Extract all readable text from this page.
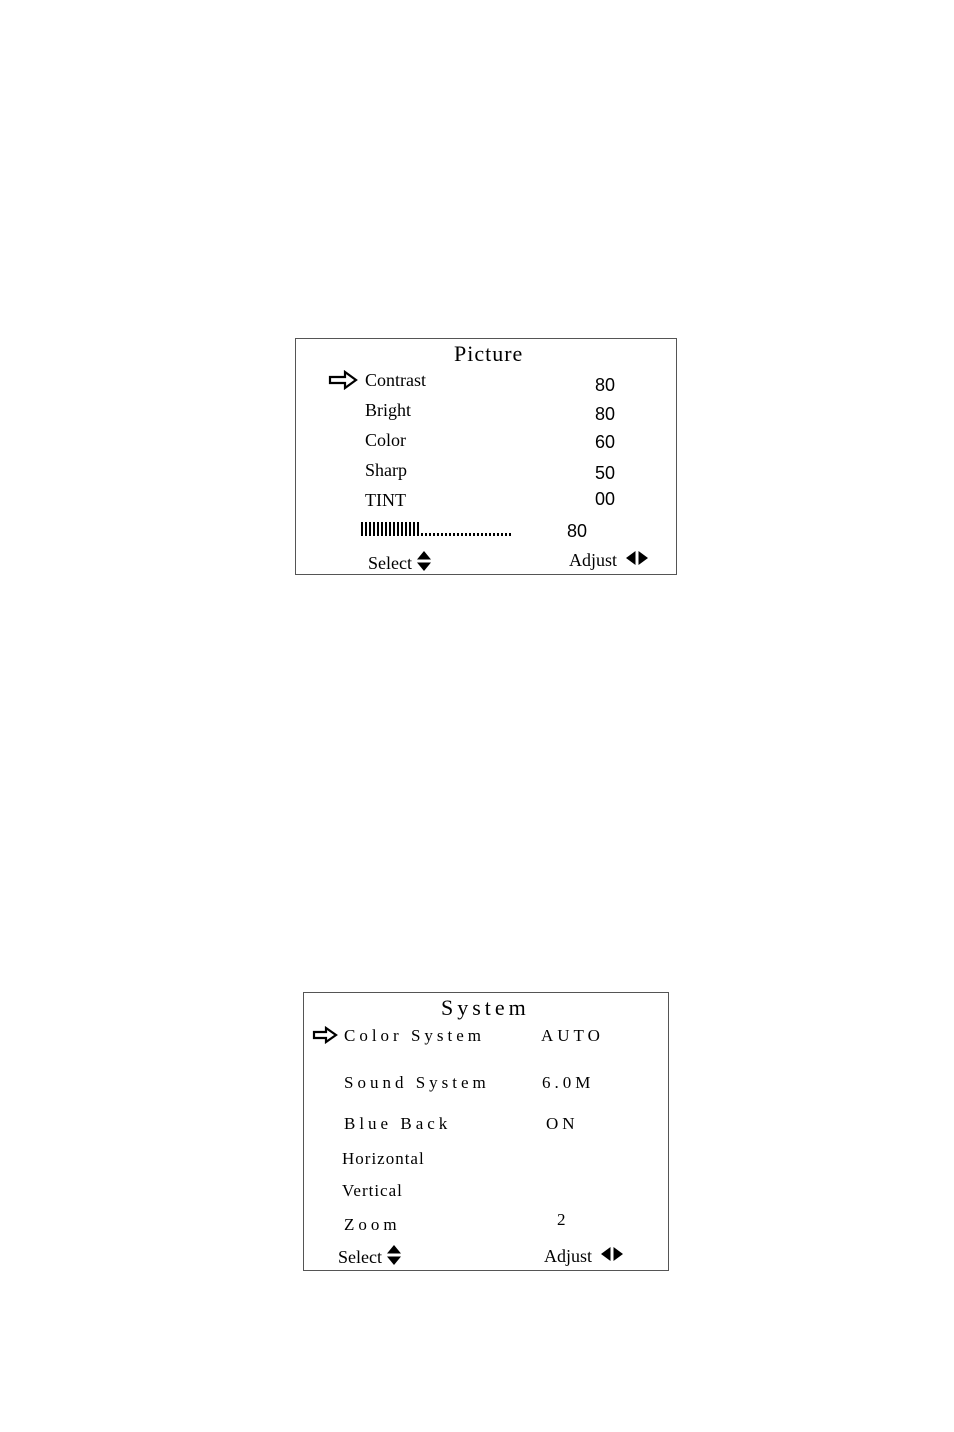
Picture
Contrast	80
Bright	80
Color	60
Sharp	50
TINT	00
80
Select	Adjust
System
Color System	AUTO
Sound System	6.0M
Blue Back	ON
Horizontal
Vertical
Zoom	2
Select	Adjust
